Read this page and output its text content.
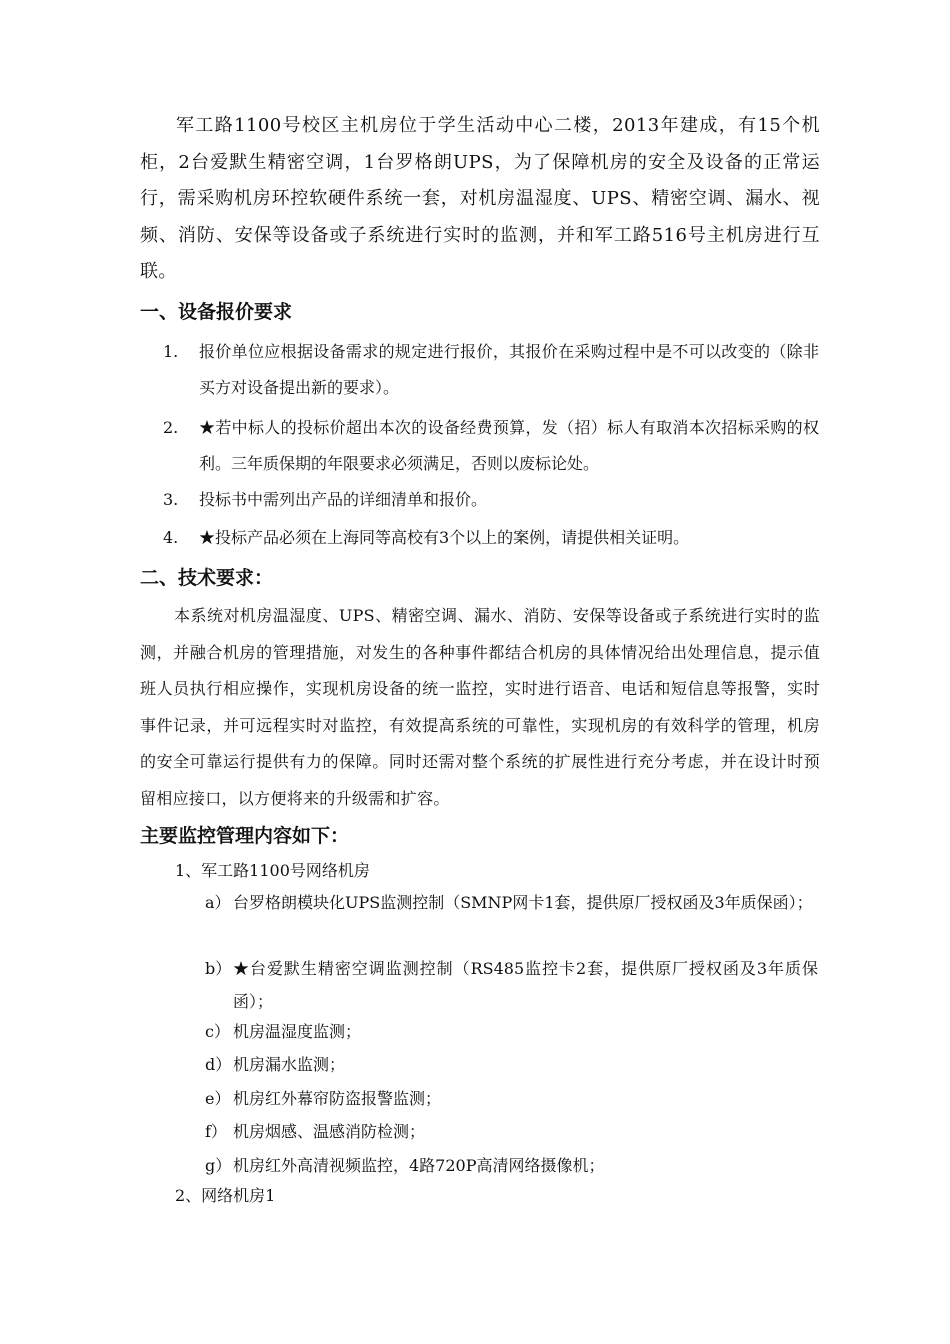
军工路1100号校区主机房位于学生活动中心二楼，2013年建成，有15个机柜，2台爱默生精密空调，1台罗格朗UPS，为了保障机房的安全及设备的正常运行，需采购机房环控软硬件系统一套，对机房温湿度、UPS、精密空调、漏水、视频、消防、安保等设备或子系统进行实时的监测，并和军工路516号主机房进行互联。

一、设备报价要求
1. 报价单位应根据设备需求的规定进行报价，其报价在采购过程中是不可以改变的（除非买方对设备提出新的要求）。
2. ★若中标人的投标价超出本次的设备经费预算，发（招）标人有取消本次招标采购的权利。三年质保期的年限要求必须满足，否则以废标论处。
3. 投标书中需列出产品的详细清单和报价。
4. ★投标产品必须在上海同等高校有3个以上的案例，请提供相关证明。
二、技术要求：

本系统对机房温湿度、UPS、精密空调、漏水、消防、安保等设备或子系统进行实时的监测，并融合机房的管理措施，对发生的各种事件都结合机房的具体情况给出处理信息，提示值班人员执行相应操作，实现机房设备的统一监控，实时进行语音、电话和短信息等报警，实时事件记录，并可远程实时对监控，有效提高系统的可靠性，实现机房的有效科学的管理，机房的安全可靠运行提供有力的保障。同时还需对整个系统的扩展性进行充分考虑，并在设计时预留相应接口，以方便将来的升级需和扩容。

主要监控管理内容如下：
1、军工路1100号网络机房
a） 台罗格朗模块化UPS监测控制（SMNP网卡1套，提供原厂授权函及3年质保函）；
b） ★台爱默生精密空调监测控制（RS485监控卡2套，提供原厂授权函及3年质保函）；
c） 机房温湿度监测；
d） 机房漏水监测；
e） 机房红外幕帘防盗报警监测；
f） 机房烟感、温感消防检测；
g） 机房红外高清视频监控，4路720P高清网络摄像机；
2、网络机房1
